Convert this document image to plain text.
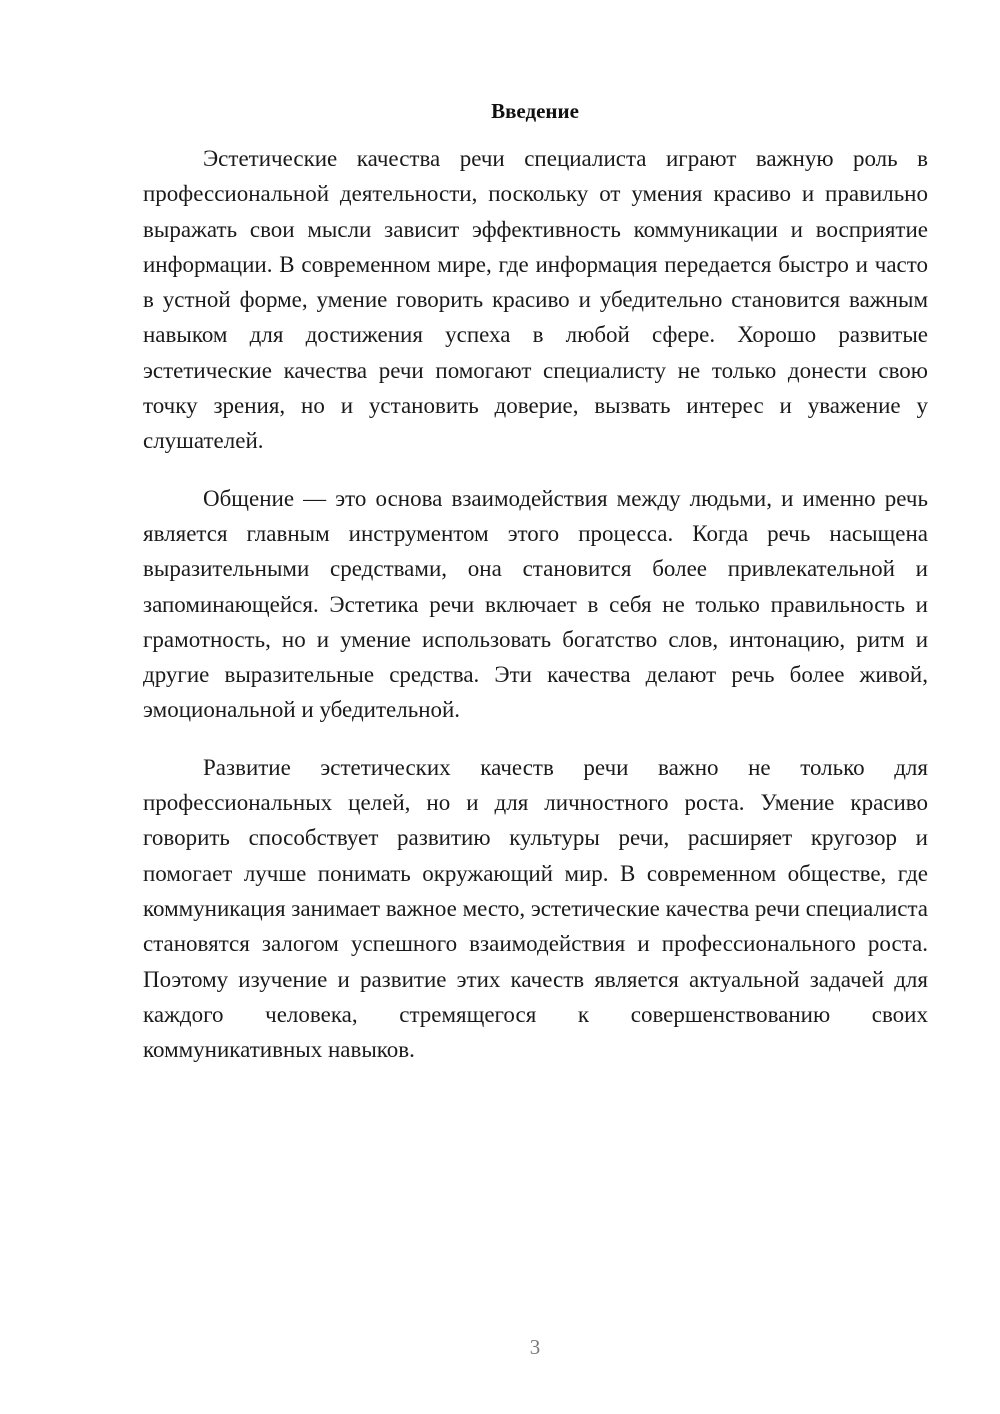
Введение

Эстетические качества речи специалиста играют важную роль в профессиональной деятельности, поскольку от умения красиво и правильно выражать свои мысли зависит эффективность коммуникации и восприятие информации. В современном мире, где информация передается быстро и часто в устной форме, умение говорить красиво и убедительно становится важным навыком для достижения успеха в любой сфере. Хорошо развитые эстетические качества речи помогают специалисту не только донести свою точку зрения, но и установить доверие, вызвать интерес и уважение у слушателей.

Общение — это основа взаимодействия между людьми, и именно речь является главным инструментом этого процесса. Когда речь насыщена выразительными средствами, она становится более привлекательной и запоминающейся. Эстетика речи включает в себя не только правильность и грамотность, но и умение использовать богатство слов, интонацию, ритм и другие выразительные средства. Эти качества делают речь более живой, эмоциональной и убедительной.

Развитие эстетических качеств речи важно не только для профессиональных целей, но и для личностного роста. Умение красиво говорить способствует развитию культуры речи, расширяет кругозор и помогает лучше понимать окружающий мир. В современном обществе, где коммуникация занимает важное место, эстетические качества речи специалиста становятся залогом успешного взаимодействия и профессионального роста. Поэтому изучение и развитие этих качеств является актуальной задачей для каждого человека, стремящегося к совершенствованию своих коммуникативных навыков.

3
